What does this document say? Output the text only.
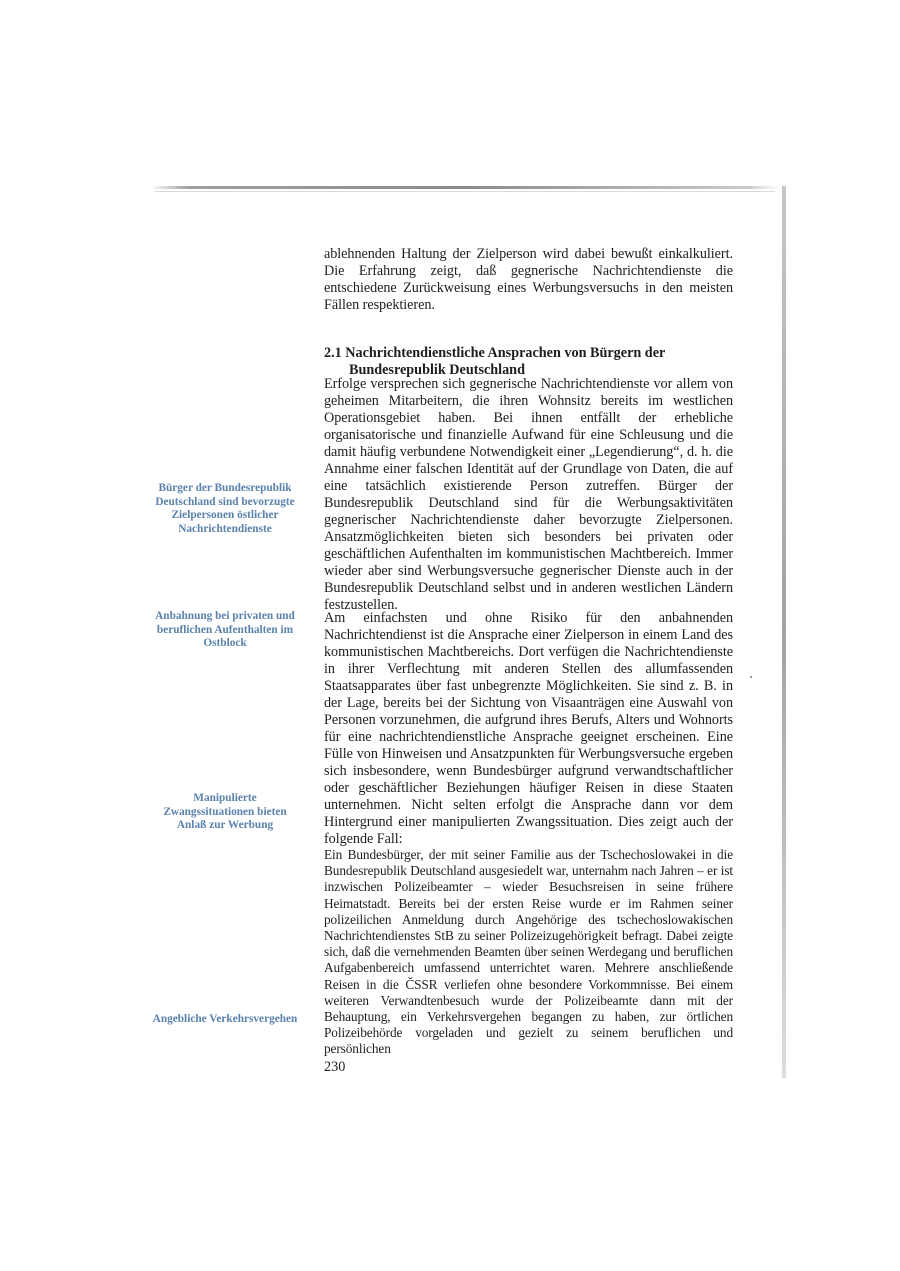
Bürger der Bundesrepublik Deutschland sind bevorzugte Zielpersonen östlicher Nachrichtendienste
Anbahnung bei privaten und beruflichen Aufenthalten im Ostblock
Manipulierte Zwangssituationen bieten Anlaß zur Werbung
Angebliche Verkehrsvergehen

ablehnenden Haltung der Zielperson wird dabei bewußt einkalkuliert. Die Erfahrung zeigt, daß gegnerische Nachrichtendienste die entschiedene Zurückweisung eines Werbungsversuchs in den meisten Fällen respektieren.

2.1 Nachrichtendienstliche Ansprachen von Bürgern der Bundesrepublik Deutschland

Erfolge versprechen sich gegnerische Nachrichtendienste vor allem von geheimen Mitarbeitern, die ihren Wohnsitz bereits im westlichen Operationsgebiet haben. Bei ihnen entfällt der erhebliche organisatorische und finanzielle Aufwand für eine Schleusung und die damit häufig verbundene Notwendigkeit einer „Legendierung“, d. h. die Annahme einer falschen Identität auf der Grundlage von Daten, die auf eine tatsächlich existierende Person zutreffen. Bürger der Bundesrepublik Deutschland sind für die Werbungsaktivitäten gegnerischer Nachrichtendienste daher bevorzugte Zielpersonen. Ansatzmöglichkeiten bieten sich besonders bei privaten oder geschäftlichen Aufenthalten im kommunistischen Machtbereich. Immer wieder aber sind Werbungsversuche gegnerischer Dienste auch in der Bundesrepublik Deutschland selbst und in anderen westlichen Ländern festzustellen.

Am einfachsten und ohne Risiko für den anbahnenden Nachrichtendienst ist die Ansprache einer Zielperson in einem Land des kommunistischen Machtbereichs. Dort verfügen die Nachrichtendienste in ihrer Verflechtung mit anderen Stellen des allumfassenden Staatsapparates über fast unbegrenzte Möglichkeiten. Sie sind z. B. in der Lage, bereits bei der Sichtung von Visaanträgen eine Auswahl von Personen vorzunehmen, die aufgrund ihres Berufs, Alters und Wohnorts für eine nachrichtendienstliche Ansprache geeignet erscheinen. Eine Fülle von Hinweisen und Ansatzpunkten für Werbungsversuche ergeben sich insbesondere, wenn Bundesbürger aufgrund verwandtschaftlicher oder geschäftlicher Beziehungen häufiger Reisen in diese Staaten unternehmen. Nicht selten erfolgt die Ansprache dann vor dem Hintergrund einer manipulierten Zwangssituation. Dies zeigt auch der folgende Fall:

Ein Bundesbürger, der mit seiner Familie aus der Tschechoslowakei in die Bundesrepublik Deutschland ausgesiedelt war, unternahm nach Jahren – er ist inzwischen Polizeibeamter – wieder Besuchsreisen in seine frühere Heimatstadt. Bereits bei der ersten Reise wurde er im Rahmen seiner polizeilichen Anmeldung durch Angehörige des tschechoslowakischen Nachrichtendienstes StB zu seiner Polizeizugehörigkeit befragt. Dabei zeigte sich, daß die vernehmenden Beamten über seinen Werdegang und beruflichen Aufgabenbereich umfassend unterrichtet waren. Mehrere anschließende Reisen in die ČSSR verliefen ohne besondere Vorkommnisse. Bei einem weiteren Verwandtenbesuch wurde der Polizeibeamte dann mit der Behauptung, ein Verkehrsvergehen begangen zu haben, zur örtlichen Polizeibehörde vorgeladen und gezielt zu seinem beruflichen und persönlichen

230
